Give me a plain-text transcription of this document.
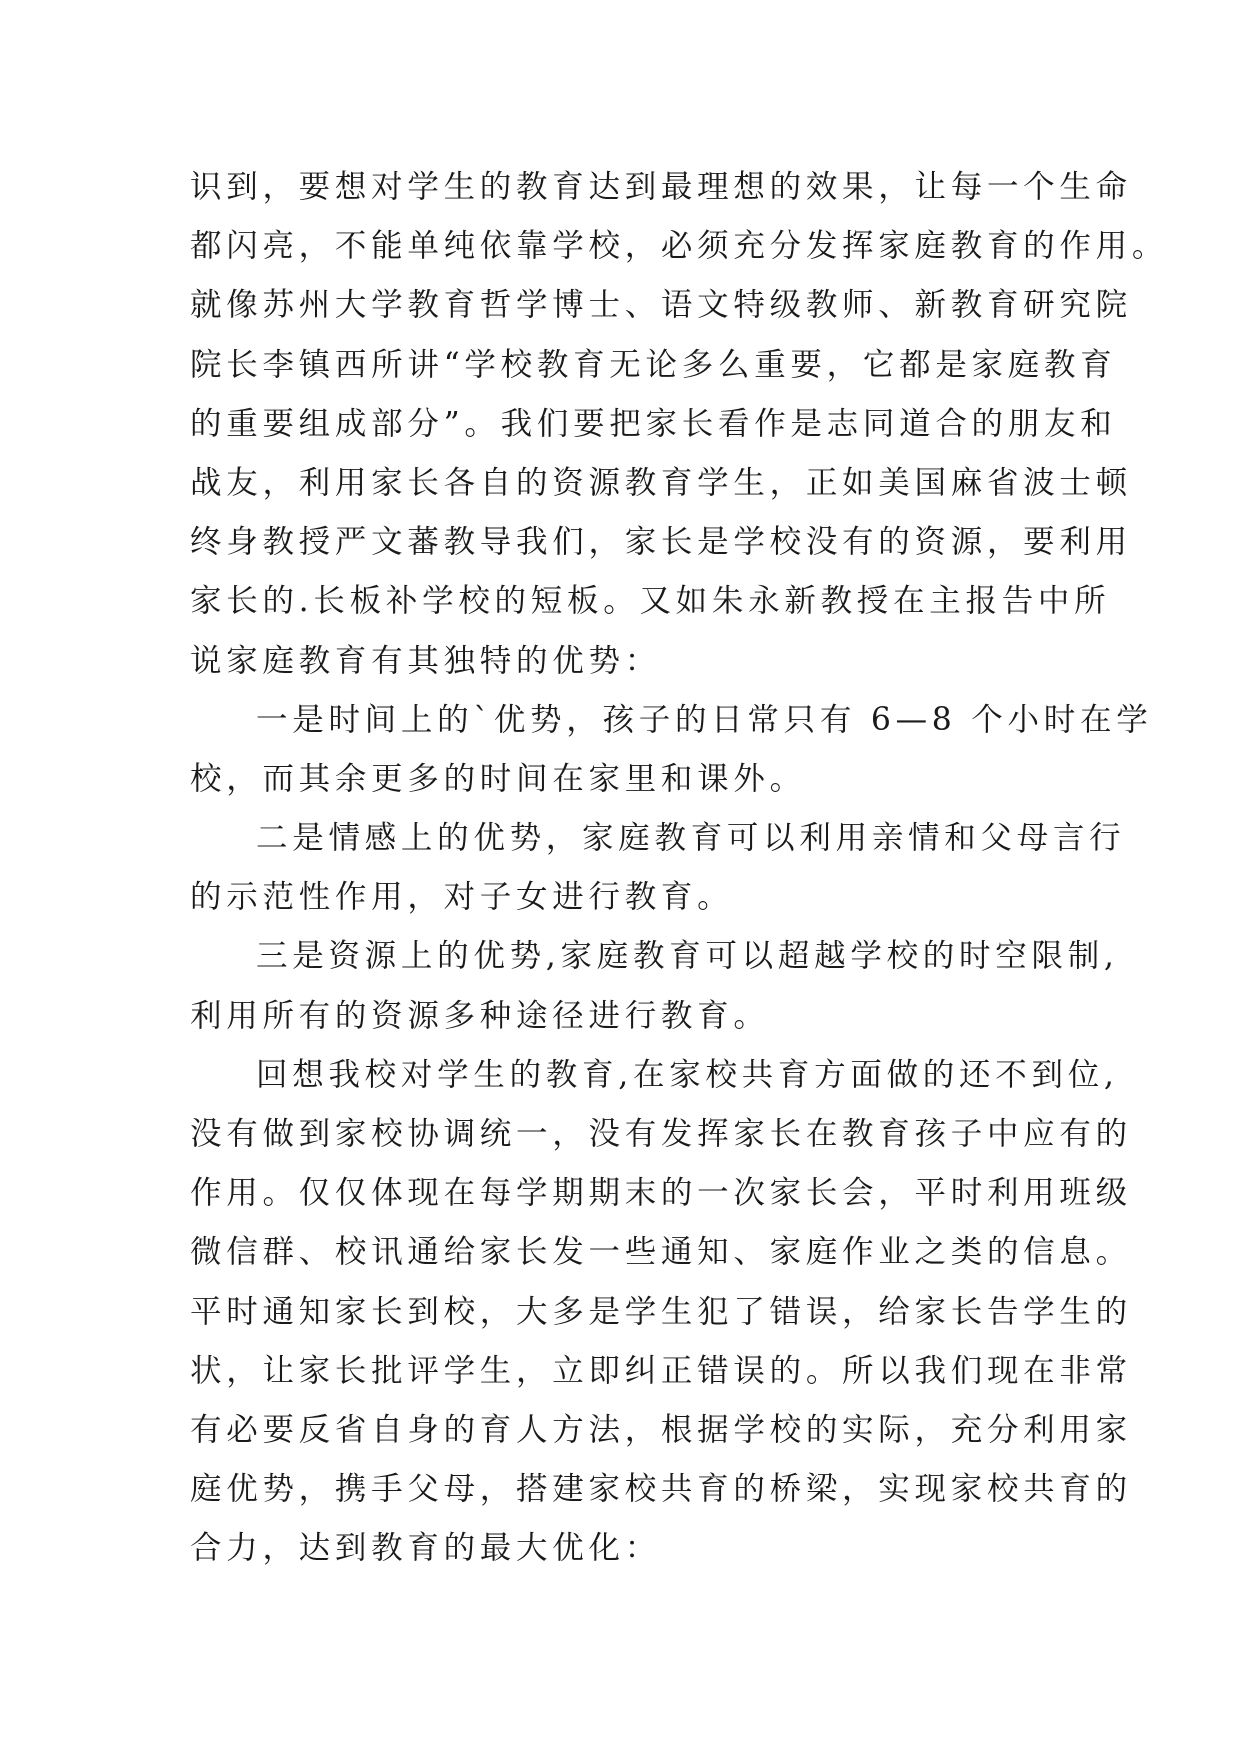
识到，要想对学生的教育达到最理想的效果，让每一个生命
都闪亮，不能单纯依靠学校，必须充分发挥家庭教育的作用。
就像苏州大学教育哲学博士、语文特级教师、新教育研究院
院长李镇西所讲“学校教育无论多么重要，它都是家庭教育
的重要组成部分”。我们要把家长看作是志同道合的朋友和
战友，利用家长各自的资源教育学生，正如美国麻省波士顿
终身教授严文蕃教导我们，家长是学校没有的资源，要利用
家长的.长板补学校的短板。又如朱永新教授在主报告中所
说家庭教育有其独特的优势：
一是时间上的`优势，孩子的日常只有 6—8 个小时在学
校，而其余更多的时间在家里和课外。
二是情感上的优势，家庭教育可以利用亲情和父母言行
的示范性作用，对子女进行教育。
三是资源上的优势,家庭教育可以超越学校的时空限制,
利用所有的资源多种途径进行教育。
回想我校对学生的教育,在家校共育方面做的还不到位,
没有做到家校协调统一，没有发挥家长在教育孩子中应有的
作用。仅仅体现在每学期期末的一次家长会，平时利用班级
微信群、校讯通给家长发一些通知、家庭作业之类的信息。
平时通知家长到校，大多是学生犯了错误，给家长告学生的
状，让家长批评学生，立即纠正错误的。所以我们现在非常
有必要反省自身的育人方法，根据学校的实际，充分利用家
庭优势，携手父母，搭建家校共育的桥梁，实现家校共育的
合力，达到教育的最大优化：
